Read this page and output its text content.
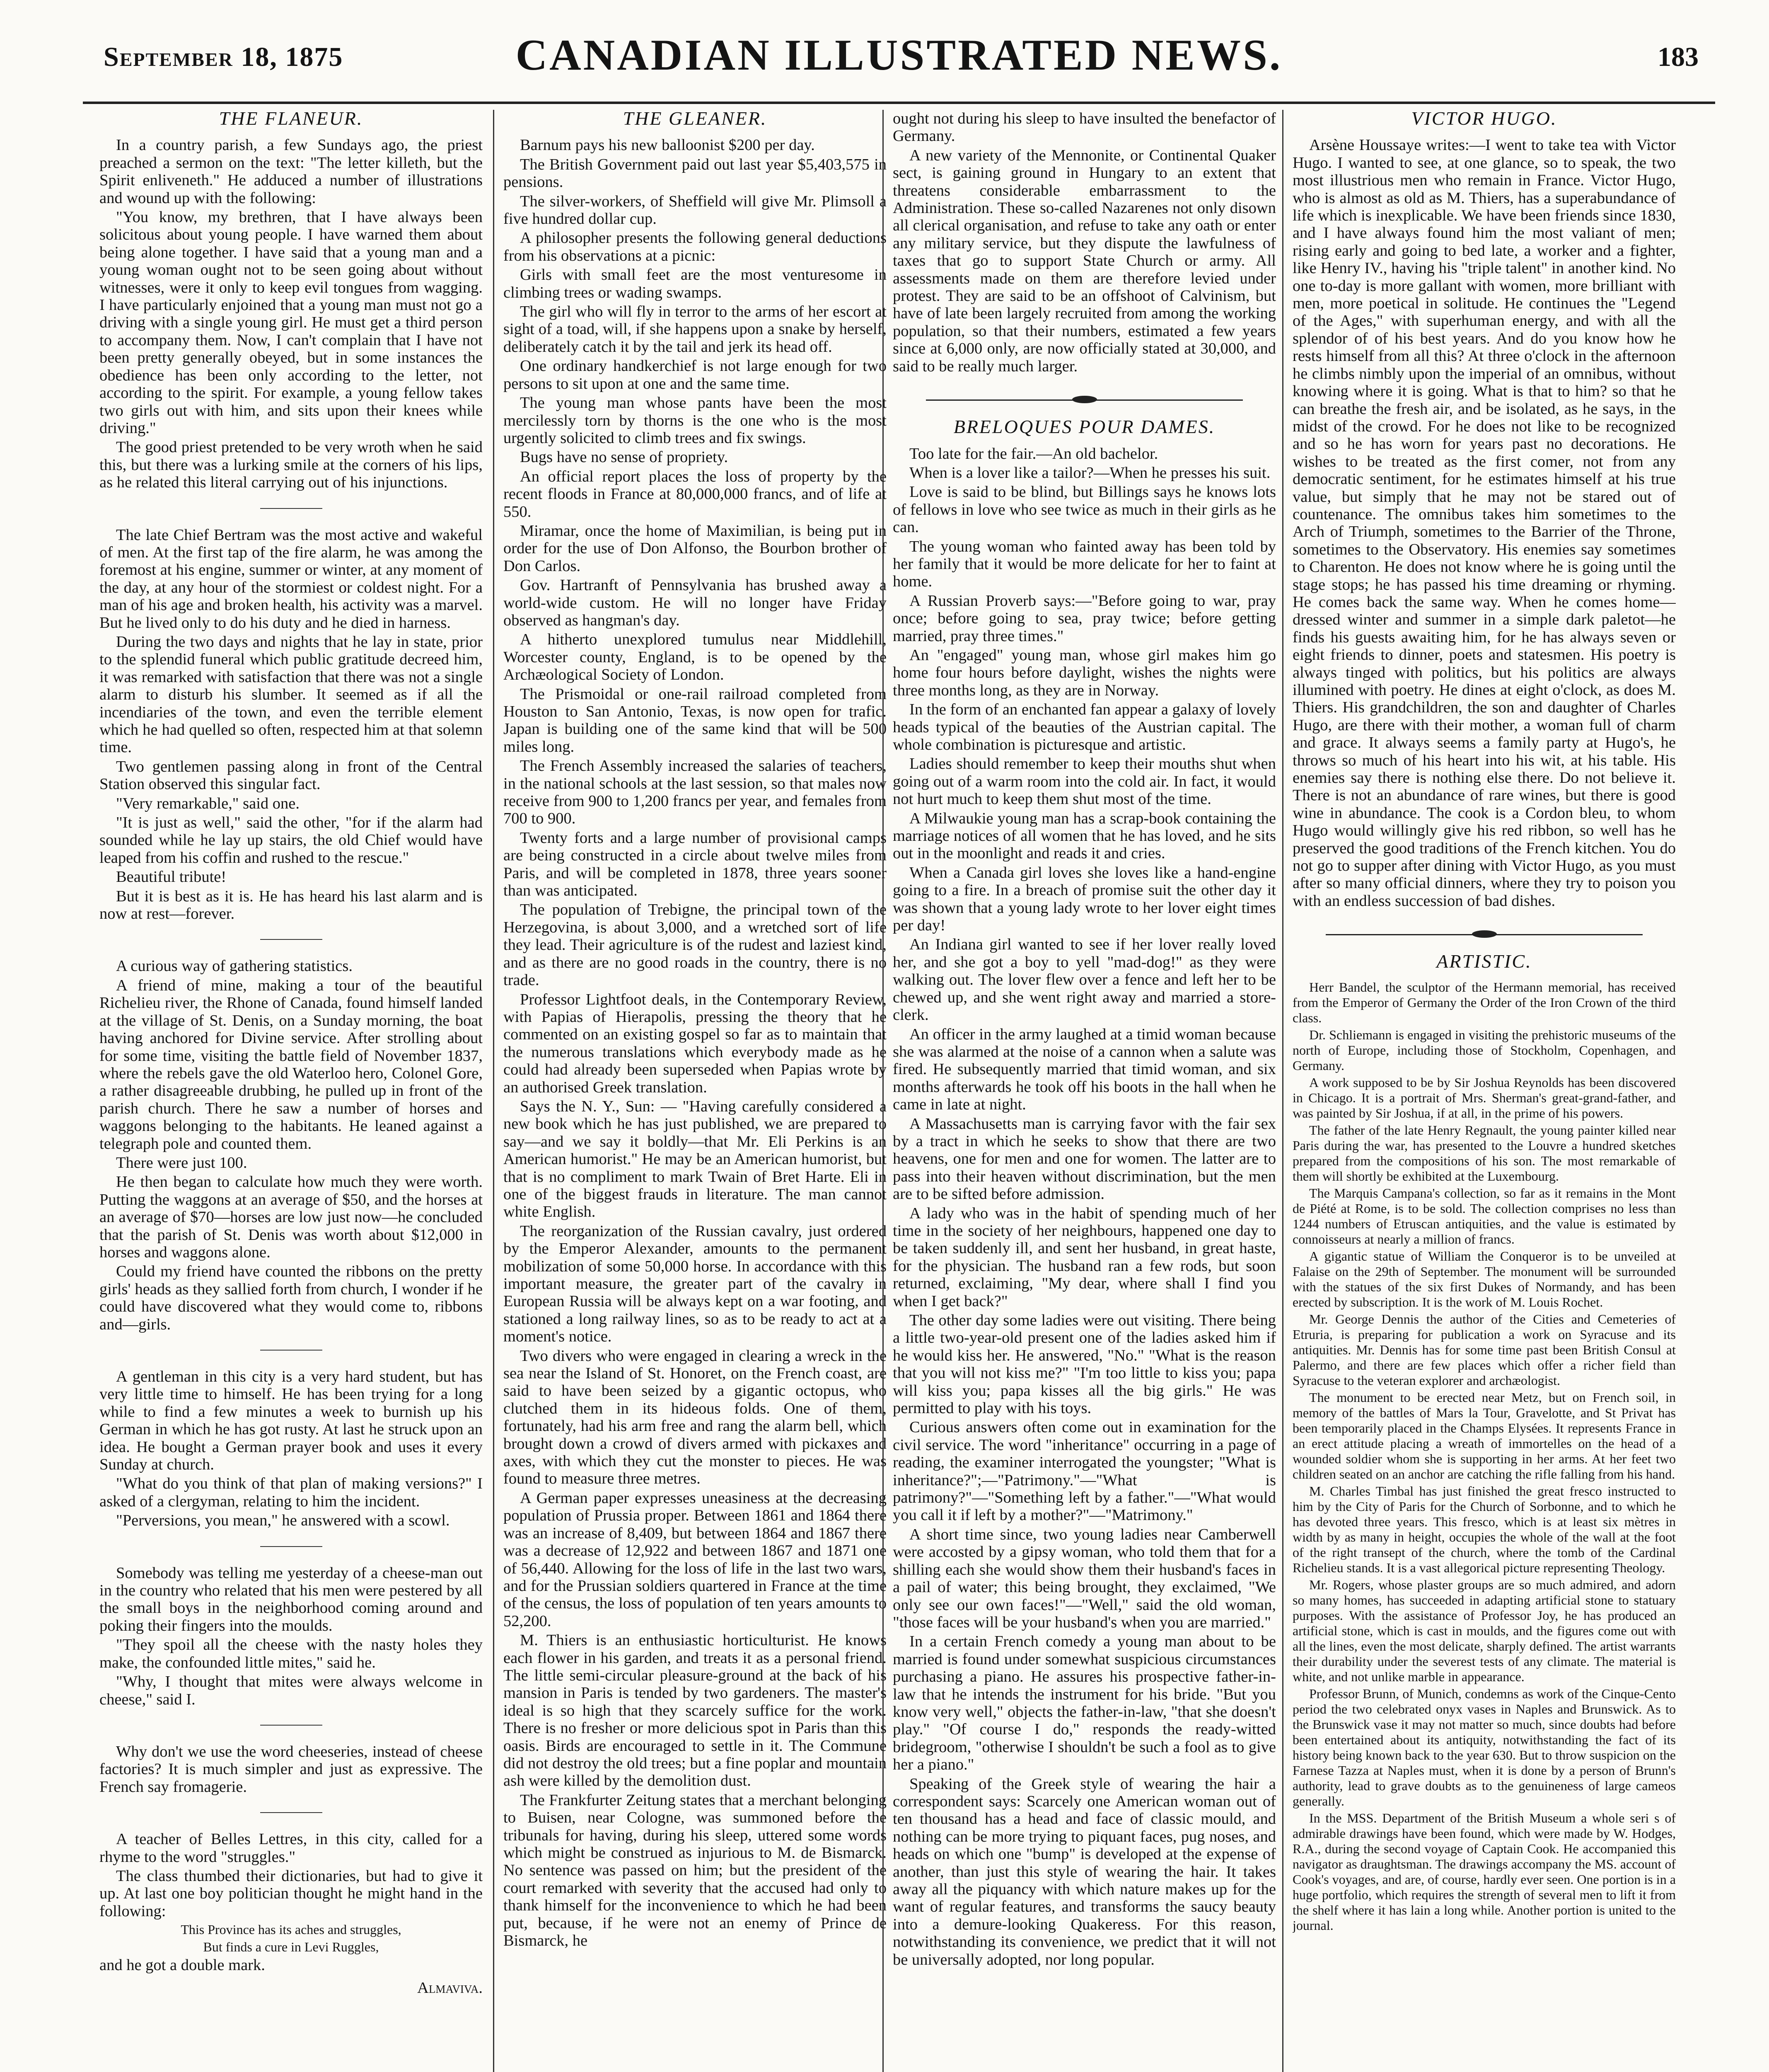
September 18, 1875	CANADIAN ILLUSTRATED NEWS.	183
THE FLANEUR.

In a country parish, a few Sundays ago, the priest preached a sermon on the text: "The letter killeth, but the Spirit enliveneth." He adduced a number of illustrations and wound up with the following:

"You know, my brethren, that I have always been solicitous about young people. I have warned them about being alone together. I have said that a young man and a young woman ought not to be seen going about without witnesses, were it only to keep evil tongues from wagging. I have particularly enjoined that a young man must not go a driving with a single young girl. He must get a third person to accompany them. Now, I can't complain that I have not been pretty generally obeyed, but in some instances the obedience has been only according to the letter, not according to the spirit. For example, a young fellow takes two girls out with him, and sits upon their knees while driving."

The good priest pretended to be very wroth when he said this, but there was a lurking smile at the corners of his lips, as he related this literal carrying out of his injunctions.

The late Chief Bertram was the most active and wakeful of men. At the first tap of the fire alarm, he was among the foremost at his engine, summer or winter, at any moment of the day, at any hour of the stormiest or coldest night. For a man of his age and broken health, his activity was a marvel. But he lived only to do his duty and he died in harness.

During the two days and nights that he lay in state, prior to the splendid funeral which public gratitude decreed him, it was remarked with satisfaction that there was not a single alarm to disturb his slumber. It seemed as if all the incendiaries of the town, and even the terrible element which he had quelled so often, respected him at that solemn time.

Two gentlemen passing along in front of the Central Station observed this singular fact.

"Very remarkable," said one.

"It is just as well," said the other, "for if the alarm had sounded while he lay up stairs, the old Chief would have leaped from his coffin and rushed to the rescue."

Beautiful tribute!

But it is best as it is. He has heard his last alarm and is now at rest—forever.

A curious way of gathering statistics.

A friend of mine, making a tour of the beautiful Richelieu river, the Rhone of Canada, found himself landed at the village of St. Denis, on a Sunday morning, the boat having anchored for Divine service. After strolling about for some time, visiting the battle field of November 1837, where the rebels gave the old Waterloo hero, Colonel Gore, a rather disagreeable drubbing, he pulled up in front of the parish church. There he saw a number of horses and waggons belonging to the habitants. He leaned against a telegraph pole and counted them.

There were just 100.

He then began to calculate how much they were worth. Putting the waggons at an average of $50, and the horses at an average of $70—horses are low just now—he concluded that the parish of St. Denis was worth about $12,000 in horses and waggons alone.

Could my friend have counted the ribbons on the pretty girls' heads as they sallied forth from church, I wonder if he could have discovered what they would come to, ribbons and—girls.

A gentleman in this city is a very hard student, but has very little time to himself. He has been trying for a long while to find a few minutes a week to burnish up his German in which he has got rusty. At last he struck upon an idea. He bought a German prayer book and uses it every Sunday at church.

"What do you think of that plan of making versions?" I asked of a clergyman, relating to him the incident.

"Perversions, you mean," he answered with a scowl.

Somebody was telling me yesterday of a cheese-man out in the country who related that his men were pestered by all the small boys in the neighborhood coming around and poking their fingers into the moulds.

"They spoil all the cheese with the nasty holes they make, the confounded little mites," said he.

"Why, I thought that mites were always welcome in cheese," said I.

Why don't we use the word cheeseries, instead of cheese factories? It is much simpler and just as expressive. The French say fromagerie.

A teacher of Belles Lettres, in this city, called for a rhyme to the word "struggles."

The class thumbed their dictionaries, but had to give it up. At last one boy politician thought he might hand in the following:

This Province has its aches and struggles,

But finds a cure in Levi Ruggles,

and he got a double mark.

Almaviva.

THE GLEANER.

Barnum pays his new balloonist $200 per day.

The British Government paid out last year $5,403,575 in pensions.

The silver-workers, of Sheffield will give Mr. Plimsoll a five hundred dollar cup.

A philosopher presents the following general deductions from his observations at a picnic:

Girls with small feet are the most venturesome in climbing trees or wading swamps.

The girl who will fly in terror to the arms of her escort at sight of a toad, will, if she happens upon a snake by herself, deliberately catch it by the tail and jerk its head off.

One ordinary handkerchief is not large enough for two persons to sit upon at one and the same time.

The young man whose pants have been the most mercilessly torn by thorns is the one who is the most urgently solicited to climb trees and fix swings.

Bugs have no sense of propriety.

An official report places the loss of property by the recent floods in France at 80,000,000 francs, and of life at 550.

Miramar, once the home of Maximilian, is being put in order for the use of Don Alfonso, the Bourbon brother of Don Carlos.

Gov. Hartranft of Pennsylvania has brushed away a world-wide custom. He will no longer have Friday observed as hangman's day.

A hitherto unexplored tumulus near Middlehill, Worcester county, England, is to be opened by the Archæological Society of London.

The Prismoidal or one-rail railroad completed from Houston to San Antonio, Texas, is now open for trafic. Japan is building one of the same kind that will be 500 miles long.

The French Assembly increased the salaries of teachers, in the national schools at the last session, so that males now receive from 900 to 1,200 francs per year, and females from 700 to 900.

Twenty forts and a large number of provisional camps are being constructed in a circle about twelve miles from Paris, and will be completed in 1878, three years sooner than was anticipated.

The population of Trebigne, the principal town of the Herzegovina, is about 3,000, and a wretched sort of life they lead. Their agriculture is of the rudest and laziest kind, and as there are no good roads in the country, there is no trade.

Professor Lightfoot deals, in the Contemporary Review, with Papias of Hierapolis, pressing the theory that he commented on an existing gospel so far as to maintain that the numerous translations which everybody made as he could had already been superseded when Papias wrote by an authorised Greek translation.

Says the N. Y., Sun: — "Having carefully considered a new book which he has just published, we are prepared to say—and we say it boldly—that Mr. Eli Perkins is an American humorist." He may be an American humorist, but that is no compliment to mark Twain of Bret Harte. Eli in one of the biggest frauds in literature. The man cannot white English.

The reorganization of the Russian cavalry, just ordered by the Emperor Alexander, amounts to the permanent mobilization of some 50,000 horse. In accordance with this important measure, the greater part of the cavalry in European Russia will be always kept on a war footing, and stationed a long railway lines, so as to be ready to act at a moment's notice.

Two divers who were engaged in clearing a wreck in the sea near the Island of St. Honoret, on the French coast, are said to have been seized by a gigantic octopus, who clutched them in its hideous folds. One of them, fortunately, had his arm free and rang the alarm bell, which brought down a crowd of divers armed with pickaxes and axes, with which they cut the monster to pieces. He was found to measure three metres.

A German paper expresses uneasiness at the decreasing population of Prussia proper. Between 1861 and 1864 there was an increase of 8,409, but between 1864 and 1867 there was a decrease of 12,922 and between 1867 and 1871 one of 56,440. Allowing for the loss of life in the last two wars, and for the Prussian soldiers quartered in France at the time of the census, the loss of population of ten years amounts to 52,200.

M. Thiers is an enthusiastic horticulturist. He knows each flower in his garden, and treats it as a personal friend. The little semi-circular pleasure-ground at the back of his mansion in Paris is tended by two gardeners. The master's ideal is so high that they scarcely suffice for the work. There is no fresher or more delicious spot in Paris than this oasis. Birds are encouraged to settle in it. The Commune did not destroy the old trees; but a fine poplar and mountain ash were killed by the demolition dust.

The Frankfurter Zeitung states that a merchant belonging to Buisen, near Cologne, was summoned before the tribunals for having, during his sleep, uttered some words which might be construed as injurious to M. de Bismarck. No sentence was passed on him; but the president of the court remarked with severity that the accused had only to thank himself for the inconvenience to which he had been put, because, if he were not an enemy of Prince de Bismarck, he

ought not during his sleep to have insulted the benefactor of Germany.

A new variety of the Mennonite, or Continental Quaker sect, is gaining ground in Hungary to an extent that threatens considerable embarrassment to the Administration. These so-called Nazarenes not only disown all clerical organisation, and refuse to take any oath or enter any military service, but they dispute the lawfulness of taxes that go to support State Church or army. All assessments made on them are therefore levied under protest. They are said to be an offshoot of Calvinism, but have of late been largely recruited from among the working population, so that their numbers, estimated a few years since at 6,000 only, are now officially stated at 30,000, and said to be really much larger.

BRELOQUES POUR DAMES.

Too late for the fair.—An old bachelor.

When is a lover like a tailor?—When he presses his suit.

Love is said to be blind, but Billings says he knows lots of fellows in love who see twice as much in their girls as he can.

The young woman who fainted away has been told by her family that it would be more delicate for her to faint at home.

A Russian Proverb says:—"Before going to war, pray once; before going to sea, pray twice; before getting married, pray three times."

An "engaged" young man, whose girl makes him go home four hours before daylight, wishes the nights were three months long, as they are in Norway.

In the form of an enchanted fan appear a galaxy of lovely heads typical of the beauties of the Austrian capital. The whole combination is picturesque and artistic.

Ladies should remember to keep their mouths shut when going out of a warm room into the cold air. In fact, it would not hurt much to keep them shut most of the time.

A Milwaukie young man has a scrap-book containing the marriage notices of all women that he has loved, and he sits out in the moonlight and reads it and cries.

When a Canada girl loves she loves like a hand-engine going to a fire. In a breach of promise suit the other day it was shown that a young lady wrote to her lover eight times per day!

An Indiana girl wanted to see if her lover really loved her, and she got a boy to yell "mad-dog!" as they were walking out. The lover flew over a fence and left her to be chewed up, and she went right away and married a store-clerk.

An officer in the army laughed at a timid woman because she was alarmed at the noise of a cannon when a salute was fired. He subsequently married that timid woman, and six months afterwards he took off his boots in the hall when he came in late at night.

A Massachusetts man is carrying favor with the fair sex by a tract in which he seeks to show that there are two heavens, one for men and one for women. The latter are to pass into their heaven without discrimination, but the men are to be sifted before admission.

A lady who was in the habit of spending much of her time in the society of her neighbours, happened one day to be taken suddenly ill, and sent her husband, in great haste, for the physician. The husband ran a few rods, but soon returned, exclaiming, "My dear, where shall I find you when I get back?"

The other day some ladies were out visiting. There being a little two-year-old present one of the ladies asked him if he would kiss her. He answered, "No." "What is the reason that you will not kiss me?" "I'm too little to kiss you; papa will kiss you; papa kisses all the big girls." He was permitted to play with his toys.

Curious answers often come out in examination for the civil service. The word "inheritance" occurring in a page of reading, the examiner interrogated the youngster; "What is inheritance?";—"Patrimony."—"What is patrimony?"—"Something left by a father."—"What would you call it if left by a mother?"—"Matrimony."

A short time since, two young ladies near Camberwell were accosted by a gipsy woman, who told them that for a shilling each she would show them their husband's faces in a pail of water; this being brought, they exclaimed, "We only see our own faces!"—"Well," said the old woman, "those faces will be your husband's when you are married."

In a certain French comedy a young man about to be married is found under somewhat suspicious circumstances purchasing a piano. He assures his prospective father-in-law that he intends the instrument for his bride. "But you know very well," objects the father-in-law, "that she doesn't play." "Of course I do," responds the ready-witted bridegroom, "otherwise I shouldn't be such a fool as to give her a piano."

Speaking of the Greek style of wearing the hair a correspondent says: Scarcely one American woman out of ten thousand has a head and face of classic mould, and nothing can be more trying to piquant faces, pug noses, and heads on which one "bump" is developed at the expense of another, than just this style of wearing the hair. It takes away all the piquancy with which nature makes up for the want of regular features, and transforms the saucy beauty into a demure-looking Quakeress. For this reason, notwithstanding its convenience, we predict that it will not be universally adopted, nor long popular.

VICTOR HUGO.

Arsène Houssaye writes:—I went to take tea with Victor Hugo. I wanted to see, at one glance, so to speak, the two most illustrious men who remain in France. Victor Hugo, who is almost as old as M. Thiers, has a superabundance of life which is inexplicable. We have been friends since 1830, and I have always found him the most valiant of men; rising early and going to bed late, a worker and a fighter, like Henry IV., having his "triple talent" in another kind. No one to-day is more gallant with women, more brilliant with men, more poetical in solitude. He continues the "Legend of the Ages," with superhuman energy, and with all the splendor of of his best years. And do you know how he rests himself from all this? At three o'clock in the afternoon he climbs nimbly upon the imperial of an omnibus, without knowing where it is going. What is that to him? so that he can breathe the fresh air, and be isolated, as he says, in the midst of the crowd. For he does not like to be recognized and so he has worn for years past no decorations. He wishes to be treated as the first comer, not from any democratic sentiment, for he estimates himself at his true value, but simply that he may not be stared out of countenance. The omnibus takes him sometimes to the Arch of Triumph, sometimes to the Barrier of the Throne, sometimes to the Observatory. His enemies say sometimes to Charenton. He does not know where he is going until the stage stops; he has passed his time dreaming or rhyming. He comes back the same way. When he comes home—dressed winter and summer in a simple dark paletot—he finds his guests awaiting him, for he has always seven or eight friends to dinner, poets and statesmen. His poetry is always tinged with politics, but his politics are always illumined with poetry. He dines at eight o'clock, as does M. Thiers. His grandchildren, the son and daughter of Charles Hugo, are there with their mother, a woman full of charm and grace. It always seems a family party at Hugo's, he throws so much of his heart into his wit, at his table. His enemies say there is nothing else there. Do not believe it. There is not an abundance of rare wines, but there is good wine in abundance. The cook is a Cordon bleu, to whom Hugo would willingly give his red ribbon, so well has he preserved the good traditions of the French kitchen. You do not go to supper after dining with Victor Hugo, as you must after so many official dinners, where they try to poison you with an endless succession of bad dishes.

ARTISTIC.

Herr Bandel, the sculptor of the Hermann memorial, has received from the Emperor of Germany the Order of the Iron Crown of the third class.

Dr. Schliemann is engaged in visiting the prehistoric museums of the north of Europe, including those of Stockholm, Copenhagen, and Germany.

A work supposed to be by Sir Joshua Reynolds has been discovered in Chicago. It is a portrait of Mrs. Sherman's great-grand-father, and was painted by Sir Joshua, if at all, in the prime of his powers.

The father of the late Henry Regnault, the young painter killed near Paris during the war, has presented to the Louvre a hundred sketches prepared from the compositions of his son. The most remarkable of them will shortly be exhibited at the Luxembourg.

The Marquis Campana's collection, so far as it remains in the Mont de Piété at Rome, is to be sold. The collection comprises no less than 1244 numbers of Etruscan antiquities, and the value is estimated by connoisseurs at nearly a million of francs.

A gigantic statue of William the Conqueror is to be unveiled at Falaise on the 29th of September. The monument will be surrounded with the statues of the six first Dukes of Normandy, and has been erected by subscription. It is the work of M. Louis Rochet.

Mr. George Dennis the author of the Cities and Cemeteries of Etruria, is preparing for publication a work on Syracuse and its antiquities. Mr. Dennis has for some time past been British Consul at Palermo, and there are few places which offer a richer field than Syracuse to the veteran explorer and archæologist.

The monument to be erected near Metz, but on French soil, in memory of the battles of Mars la Tour, Gravelotte, and St Privat has been temporarily placed in the Champs Elysées. It represents France in an erect attitude placing a wreath of immortelles on the head of a wounded soldier whom she is supporting in her arms. At her feet two children seated on an anchor are catching the rifle falling from his hand.

M. Charles Timbal has just finished the great fresco instructed to him by the City of Paris for the Church of Sorbonne, and to which he has devoted three years. This fresco, which is at least six mètres in width by as many in height, occupies the whole of the wall at the foot of the right transept of the church, where the tomb of the Cardinal Richelieu stands. It is a vast allegorical picture representing Theology.

Mr. Rogers, whose plaster groups are so much admired, and adorn so many homes, has succeeded in adapting artificial stone to statuary purposes. With the assistance of Professor Joy, he has produced an artificial stone, which is cast in moulds, and the figures come out with all the lines, even the most delicate, sharply defined. The artist warrants their durability under the severest tests of any climate. The material is white, and not unlike marble in appearance.

Professor Brunn, of Munich, condemns as work of the Cinque-Cento period the two celebrated onyx vases in Naples and Brunswick. As to the Brunswick vase it may not matter so much, since doubts had before been entertained about its antiquity, notwithstanding the fact of its history being known back to the year 630. But to throw suspicion on the Farnese Tazza at Naples must, when it is done by a person of Brunn's authority, lead to grave doubts as to the genuineness of large cameos generally.

In the MSS. Department of the British Museum a whole seri s of admirable drawings have been found, which were made by W. Hodges, R.A., during the second voyage of Captain Cook. He accompanied this navigator as draughtsman. The drawings accompany the MS. account of Cook's voyages, and are, of course, hardly ever seen. One portion is in a huge portfolio, which requires the strength of several men to lift it from the shelf where it has lain a long while. Another portion is united to the journal.
